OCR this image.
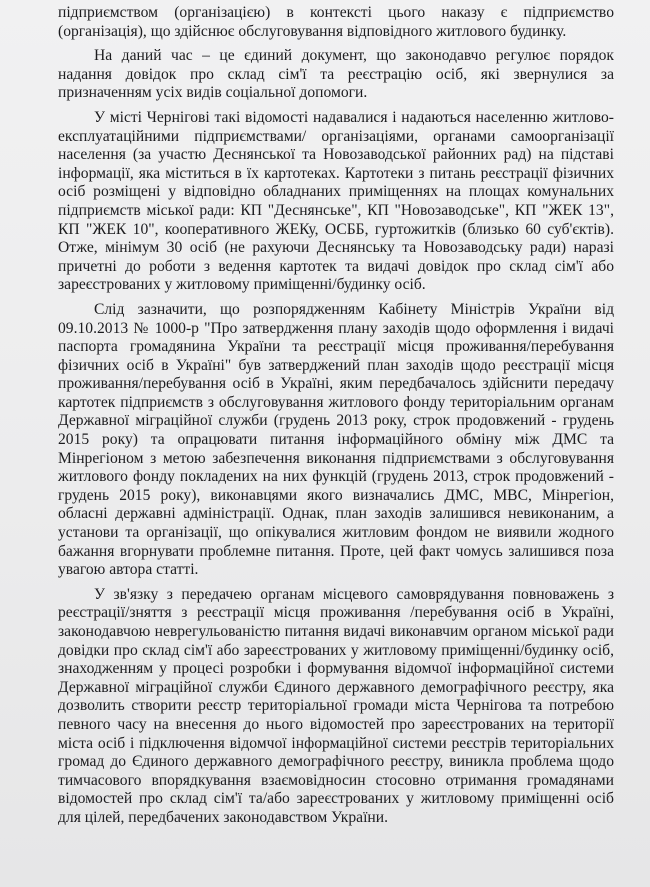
підприємством (організацією) в контексті цього наказу є підприємство (організація), що здійснює обслуговування відповідного житлового будинку.

На даний час – це єдиний документ, що законодавчо регулює порядок надання довідок про склад сім'ї та реєстрацію осіб, які звернулися за призначенням усіх видів соціальної допомоги.

У місті Чернігові такі відомості надавалися і надаються населенню житлово-експлуатаційними підприємствами/ організаціями, органами самоорганізації населення (за участю Деснянської та Новозаводської районних рад) на підставі інформації, яка міститься в їх картотеках. Картотеки з питань реєстрації фізичних осіб розміщені у відповідно обладнаних приміщеннях на площах комунальних підприємств міської ради: КП "Деснянське", КП "Новозаводське", КП "ЖЕК 13", КП "ЖЕК 10", кооперативного ЖЕКу, ОСББ, гуртожитків (близько 60 суб'єктів). Отже, мінімум 30 осіб (не рахуючи Деснянську та Новозаводську ради) наразі причетні до роботи з ведення картотек та видачі довідок про склад сім'ї або зареєстрованих у житловому приміщенні/будинку осіб.

Слід зазначити, що розпорядженням Кабінету Міністрів України від 09.10.2013 № 1000-р "Про затвердження плану заходів щодо оформлення і видачі паспорта громадянина України та реєстрації місця проживання/перебування фізичних осіб в Україні" був затверджений план заходів щодо реєстрації місця проживання/перебування осіб в Україні, яким передбачалось здійснити передачу картотек підприємств з обслуговування житлового фонду територіальним органам Державної міграційної служби (грудень 2013 року, строк продовжений - грудень 2015 року) та опрацювати питання інформаційного обміну між ДМС та Мінрегіоном з метою забезпечення виконання підприємствами з обслуговування житлового фонду покладених на них функцій (грудень 2013, строк продовжений - грудень 2015 року), виконавцями якого визначались ДМС, МВС, Мінрегіон, обласні державні адміністрації. Однак, план заходів залишився невиконаним, а установи та організації, що опікувалися житловим фондом не виявили жодного бажання вгорнувати проблемне питання. Проте, цей факт чомусь залишився поза увагою автора статті.

У зв'язку з передачею органам місцевого самоврядування повноважень з реєстрації/зняття з реєстрації місця проживання /перебування осіб в Україні, законодавчою неврегульованістю питання видачі виконавчим органом міської ради довідки про склад сім'ї або зареєстрованих у житловому приміщенні/будинку осіб, знаходженням у процесі розробки і формування відомчої інформаційної системи Державної міграційної служби Єдиного державного демографічного реєстру, яка дозволить створити реєстр територіальної громади міста Чернігова та потребою певного часу на внесення до нього відомостей про зареєстрованих на території міста осіб і підключення відомчої інформаційної системи реєстрів територіальних громад до Єдиного державного демографічного реєстру, виникла проблема щодо тимчасового впорядкування взаємовідносин стосовно отримання громадянами відомостей про склад сім'ї та/або зареєстрованих у житловому приміщенні осіб для цілей, передбачених законодавством України.
